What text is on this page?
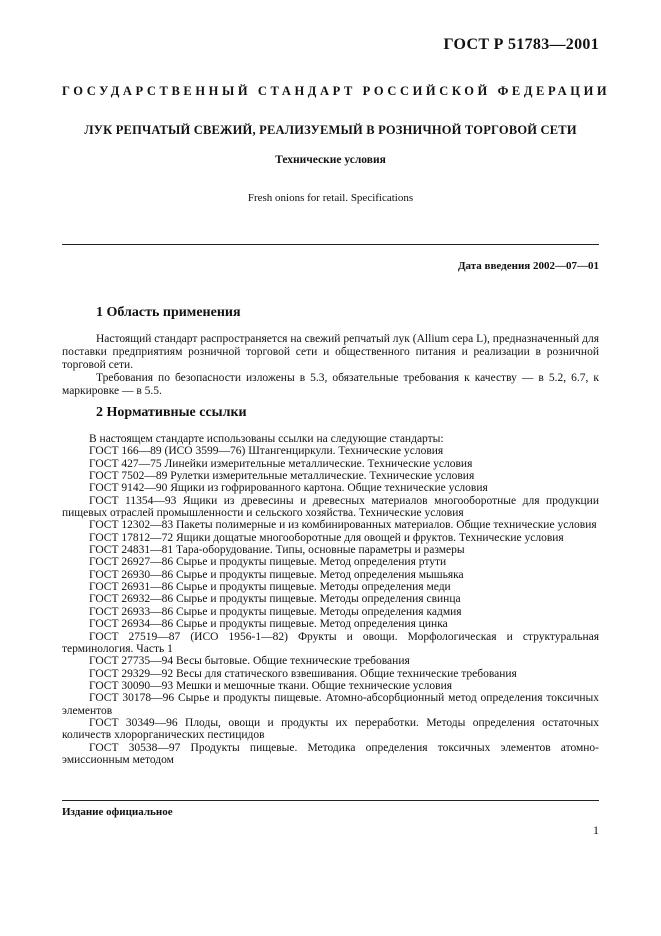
ГОСТ Р 51783—2001
ГОСУДАРСТВЕННЫЙ СТАНДАРТ РОССИЙСКОЙ ФЕДЕРАЦИИ
ЛУК РЕПЧАТЫЙ СВЕЖИЙ, РЕАЛИЗУЕМЫЙ В РОЗНИЧНОЙ ТОРГОВОЙ СЕТИ
Технические условия
Fresh onions for retail. Specifications
Дата введения 2002—07—01
1 Область применения
Настоящий стандарт распространяется на свежий репчатый лук (Allium cepa L), предназначенный для поставки предприятиям розничной торговой сети и общественного питания и реализации в розничной торговой сети.
Требования по безопасности изложены в 5.3, обязательные требования к качеству — в 5.2, 6.7, к маркировке — в 5.5.
2 Нормативные ссылки
В настоящем стандарте использованы ссылки на следующие стандарты:
ГОСТ 166—89 (ИСО 3599—76) Штангенциркули. Технические условия
ГОСТ 427—75 Линейки измерительные металлические. Технические условия
ГОСТ 7502—89 Рулетки измерительные металлические. Технические условия
ГОСТ 9142—90 Ящики из гофрированного картона. Общие технические условия
ГОСТ 11354—93 Ящики из древесины и древесных материалов многооборотные для продукции пищевых отраслей промышленности и сельского хозяйства. Технические условия
ГОСТ 12302—83 Пакеты полимерные и из комбинированных материалов. Общие технические условия
ГОСТ 17812—72 Ящики дощатые многооборотные для овощей и фруктов. Технические условия
ГОСТ 24831—81 Тара-оборудование. Типы, основные параметры и размеры
ГОСТ 26927—86 Сырье и продукты пищевые. Метод определения ртути
ГОСТ 26930—86 Сырье и продукты пищевые. Метод определения мышьяка
ГОСТ 26931—86 Сырье и продукты пищевые. Методы определения меди
ГОСТ 26932—86 Сырье и продукты пищевые. Методы определения свинца
ГОСТ 26933—86 Сырье и продукты пищевые. Методы определения кадмия
ГОСТ 26934—86 Сырье и продукты пищевые. Метод определения цинка
ГОСТ 27519—87 (ИСО 1956-1—82) Фрукты и овощи. Морфологическая и структуральная терминология. Часть 1
ГОСТ 27735—94 Весы бытовые. Общие технические требования
ГОСТ 29329—92 Весы для статического взвешивания. Общие технические требования
ГОСТ 30090—93 Мешки и мешочные ткани. Общие технические условия
ГОСТ 30178—96 Сырье и продукты пищевые. Атомно-абсорбционный метод определения токсичных элементов
ГОСТ 30349—96 Плоды, овощи и продукты их переработки. Методы определения остаточных количеств хлорорганических пестицидов
ГОСТ 30538—97 Продукты пищевые. Методика определения токсичных элементов атомно-эмиссионным методом
Издание официальное
1
